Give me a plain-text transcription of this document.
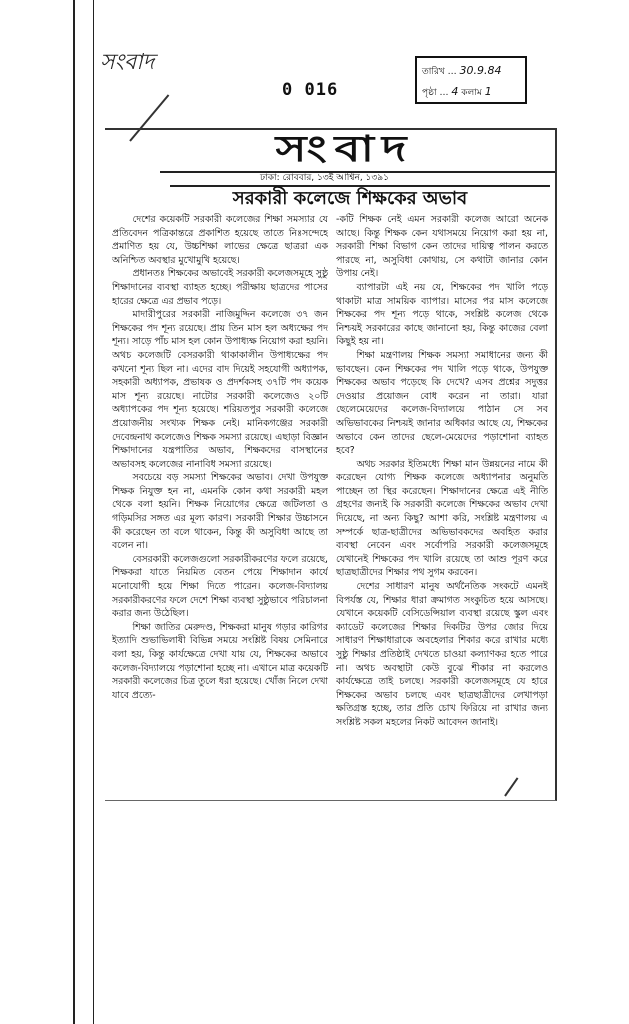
সংবাদ
0 016
তারিখ … 30.9.84
পৃষ্ঠা … 4 কলাম 1
সংবাদ
ঢাকা: রোববার, ১৩ই আশ্বিন, ১৩৯১
সরকারী কলেজে শিক্ষকের অভাব

দেশের কয়েকটি সরকারী কলেজের শিক্ষা সমস্যার যে প্রতিবেদন পত্রিকান্তরে প্রকাশিত হয়েছে তাতে নিঃসন্দেহে প্রমাণিত হয় যে, উচ্চশিক্ষা লাভের ক্ষেত্রে ছাত্ররা এক অনিশ্চিত অবস্থার মুখোমুখি হয়েছে।

প্রধানতঃ শিক্ষকের অভাবেই সরকারী কলেজসমূহে সুষ্ঠু শিক্ষাদানের ব্যবস্থা ব্যাহত হচ্ছে। পরীক্ষায় ছাত্রদের পাসের হারের ক্ষেত্রে এর প্রভাব পড়ে।

মাদারীপুরের সরকারী নাজিমুদ্দিন কলেজে ৩৭ জন শিক্ষকের পদ শূন্য রয়েছে। প্রায় তিন মাস হল অধ্যক্ষের পদ শূন্য। সাড়ে পাঁচ মাস হল কোন উপাধ্যক্ষ নিয়োগ করা হয়নি। অথচ কলেজটি বেসরকারী থাকাকালীন উপাধ্যক্ষের পদ কখনো শূন্য ছিল না। এদের বাদ দিয়েই সহযোগী অধ্যাপক, সহকারী অধ্যাপক, প্রভাষক ও প্রদর্শকসহ ৩৭টি পদ কয়েক মাস শূন্য রয়েছে। নাটোর সরকারী কলেজেও ২০টি অধ্যাপকের পদ শূন্য হয়েছে। শরিয়তপুর সরকারী কলেজে প্রয়োজনীয় সংখ্যক শিক্ষক নেই। মানিকগঞ্জের সরকারী দেবেন্দ্রনাথ কলেজেও শিক্ষক সমস্যা রয়েছে। এছাড়া বিজ্ঞান শিক্ষাদানের যন্ত্রপাতির অভাব, শিক্ষকদের বাসস্থানের অভাবসহ কলেজের নানাবিধ সমস্যা রয়েছে।

সবচেয়ে বড় সমস্যা শিক্ষকের অভাব। দেখা উপযুক্ত শিক্ষক নিযুক্ত হন না, এমনকি কোন কথা সরকারী মহল থেকে বলা হয়নি। শিক্ষক নিয়োগের ক্ষেত্রে জটিলতা ও গড়িমসির সঙ্গত এর মূল্য কারণ। সরকারী শিক্ষার উচ্চাসনে কী করেছেন তা বলে থাকেন, কিন্তু কী অসুবিধা আছে তা বলেন না।

বেসরকারী কলেজগুলো সরকারীকরণের ফলে রয়েছে, শিক্ষকরা যাতে নিয়মিত বেতন পেয়ে শিক্ষাদান কার্যে মনোযোগী হয়ে শিক্ষা দিতে পারেন। কলেজ-বিদ্যালয় সরকারীকরণের ফলে দেশে শিক্ষা ব্যবস্থা সুষ্ঠুভাবে পরিচালনা করার জন্য উঠেছিল।

শিক্ষা জাতির মেরুদণ্ড, শিক্ষকরা মানুষ গড়ার কারিগর ইত্যাদি শুভাভিলাষী বিভিন্ন সময়ে সংশ্লিষ্ট বিষয় সেমিনারে বলা হয়, কিন্তু কার্যক্ষেত্রে দেখা যায় যে, শিক্ষকের অভাবে কলেজ-বিদ্যালয়ে পড়াশোনা হচ্ছে না। এখানে মাত্র কয়েকটি সরকারী কলেজের চিত্র তুলে ধরা হয়েছে। খোঁজ নিলে দেখা যাবে প্রত্যে-

-কটি শিক্ষক নেই এমন সরকারী কলেজ আরো অনেক আছে। কিন্তু শিক্ষক কেন যথাসময়ে নিয়োগ করা হয় না, সরকারী শিক্ষা বিভাগ কেন তাদের দায়িত্ব পালন করতে পারছে না, অসুবিধা কোথায়, সে কথাটা জানার কোন উপায় নেই।

ব্যাপারটা এই নয় যে, শিক্ষকের পদ খালি পড়ে থাকাটা মাত্র সাময়িক ব্যাপার। মাসের পর মাস কলেজে শিক্ষকের পদ শূন্য পড়ে থাকে, সংশ্লিষ্ট কলেজ থেকে নিশ্চয়ই সরকারের কাছে জানানো হয়, কিন্তু কাজের বেলা কিছুই হয় না।

শিক্ষা মন্ত্রণালয় শিক্ষক সমস্যা সমাধানের জন্য কী ভাবছেন। কেন শিক্ষকের পদ খালি পড়ে থাকে, উপযুক্ত শিক্ষকের অভাব পড়েছে কি দেখে? এসব প্রশ্নের সদুত্তর দেওয়ার প্রয়োজন বোধ করেন না তারা। যারা ছেলেমেয়েদের কলেজ-বিদ্যালয়ে পাঠান সে সব অভিভাবকের নিশ্চয়ই জানার অধিকার আছে যে, শিক্ষকের অভাবে কেন তাদের ছেলে-মেয়েদের পড়াশোনা ব্যাহত হবে?

অথচ সরকার ইতিমধ্যে শিক্ষা মান উন্নয়নের নামে কী করেছেন যোগ্য শিক্ষক কলেজে অধ্যাপনার অনুমতি পাচ্ছেন তা স্থির করেছেন। শিক্ষাদানের ক্ষেত্রে এই নীতি গ্রহণের জন্যই কি সরকারী কলেজে শিক্ষকের অভাব দেখা দিয়েছে, না অন্য কিছু? আশা করি, সংশ্লিষ্ট মন্ত্রণালয় এ সম্পর্কে ছাত্র-ছাত্রীদের অভিভাবকদের অবহিত করার ব্যবস্থা নেবেন এবং সর্বোপরি সরকারী কলেজসমূহে যেখানেই শিক্ষকের পদ খালি রয়েছে তা আশু পূরণ করে ছাত্রছাত্রীদের শিক্ষার পথ সুগম করবেন।

দেশের সাধারণ মানুষ অর্থনৈতিক সংকটে এমনই বিপর্যস্ত যে, শিক্ষার ধারা ক্রমাগত সংকুচিত হয়ে আসছে। যেখানে কয়েকটি বেসিডেন্সিয়াল ব্যবস্থা রয়েছে স্কুল এবং ক্যাডেট কলেজের শিক্ষার দিকটির উপর জোর দিয়ে সাধারণ শিক্ষাধারাকে অবহেলার শিকার করে রাখার মধ্যে সুষ্ঠু শিক্ষার প্রতিষ্ঠাই দেখতে চাওয়া কল্যাণকর হতে পারে না। অথচ অবস্থাটা কেউ বুঝে শীকার না করলেও কার্যক্ষেত্রে তাই চলছে। সরকারী কলেজসমূহে যে হারে শিক্ষকের অভাব চলছে এবং ছাত্রছাত্রীদের লেখাপড়া ক্ষতিগ্রস্ত হচ্ছে, তার প্রতি চোখ ফিরিয়ে না রাখার জন্য সংশ্লিষ্ট সকল মহলের নিকট আবেদন জানাই।
